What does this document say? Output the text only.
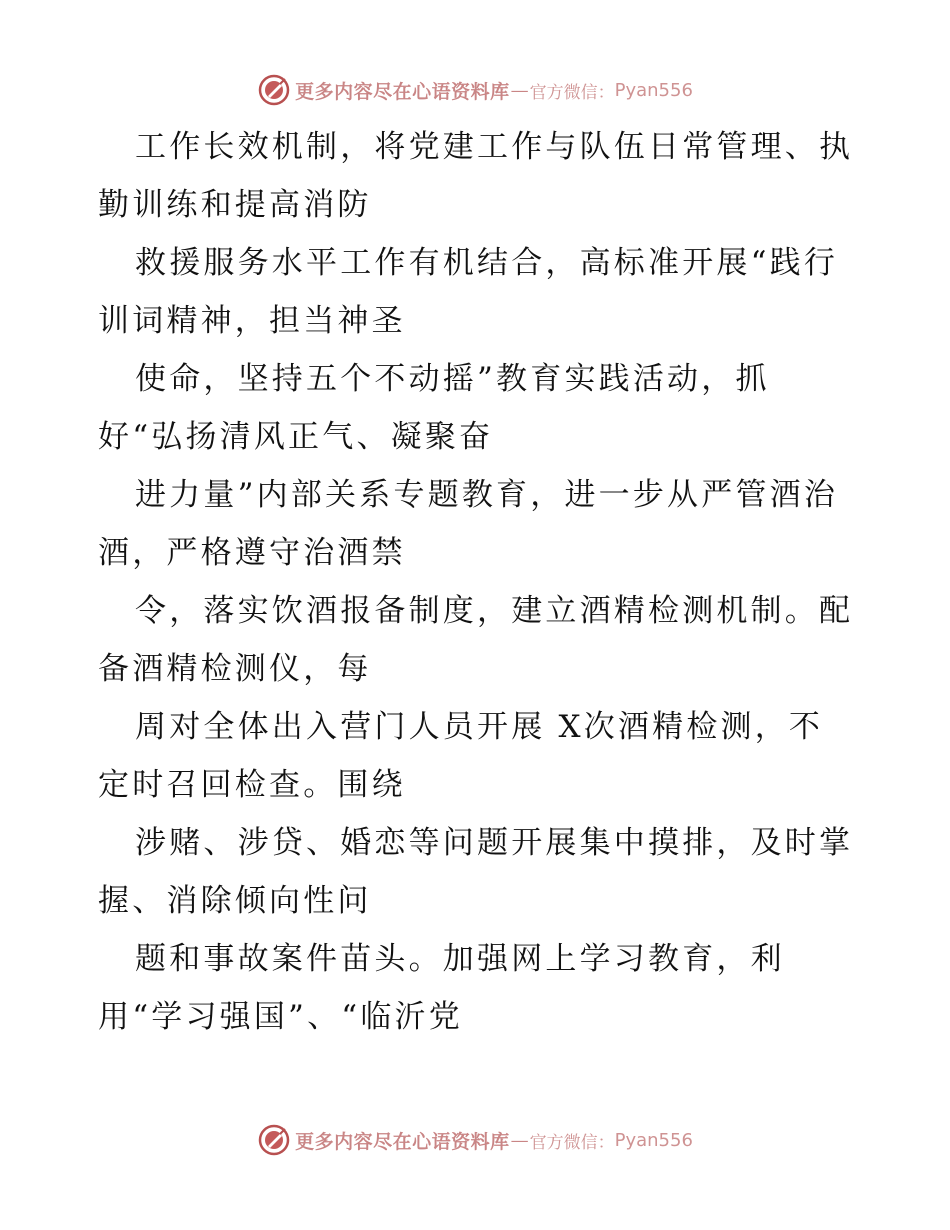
更多内容尽在心语资料库 — 官方微信： Pyan556
工作长效机制，将党建工作与队伍日常管理、执
勤训练和提高消防
救援服务水平工作有机结合，高标准开展“践行
训词精神，担当神圣
使命，坚持五个不动摇”教育实践活动，抓
好“弘扬清风正气、凝聚奋
进力量”内部关系专题教育，进一步从严管酒治
酒，严格遵守治酒禁
令，落实饮酒报备制度，建立酒精检测机制。配
备酒精检测仪，每
周对全体出入营门人员开展 X次酒精检测，不
定时召回检查。围绕
涉赌、涉贷、婚恋等问题开展集中摸排，及时掌
握、消除倾向性问
题和事故案件苗头。加强网上学习教育，利
用“学习强国”、“临沂党
更多内容尽在心语资料库 — 官方微信： Pyan556
